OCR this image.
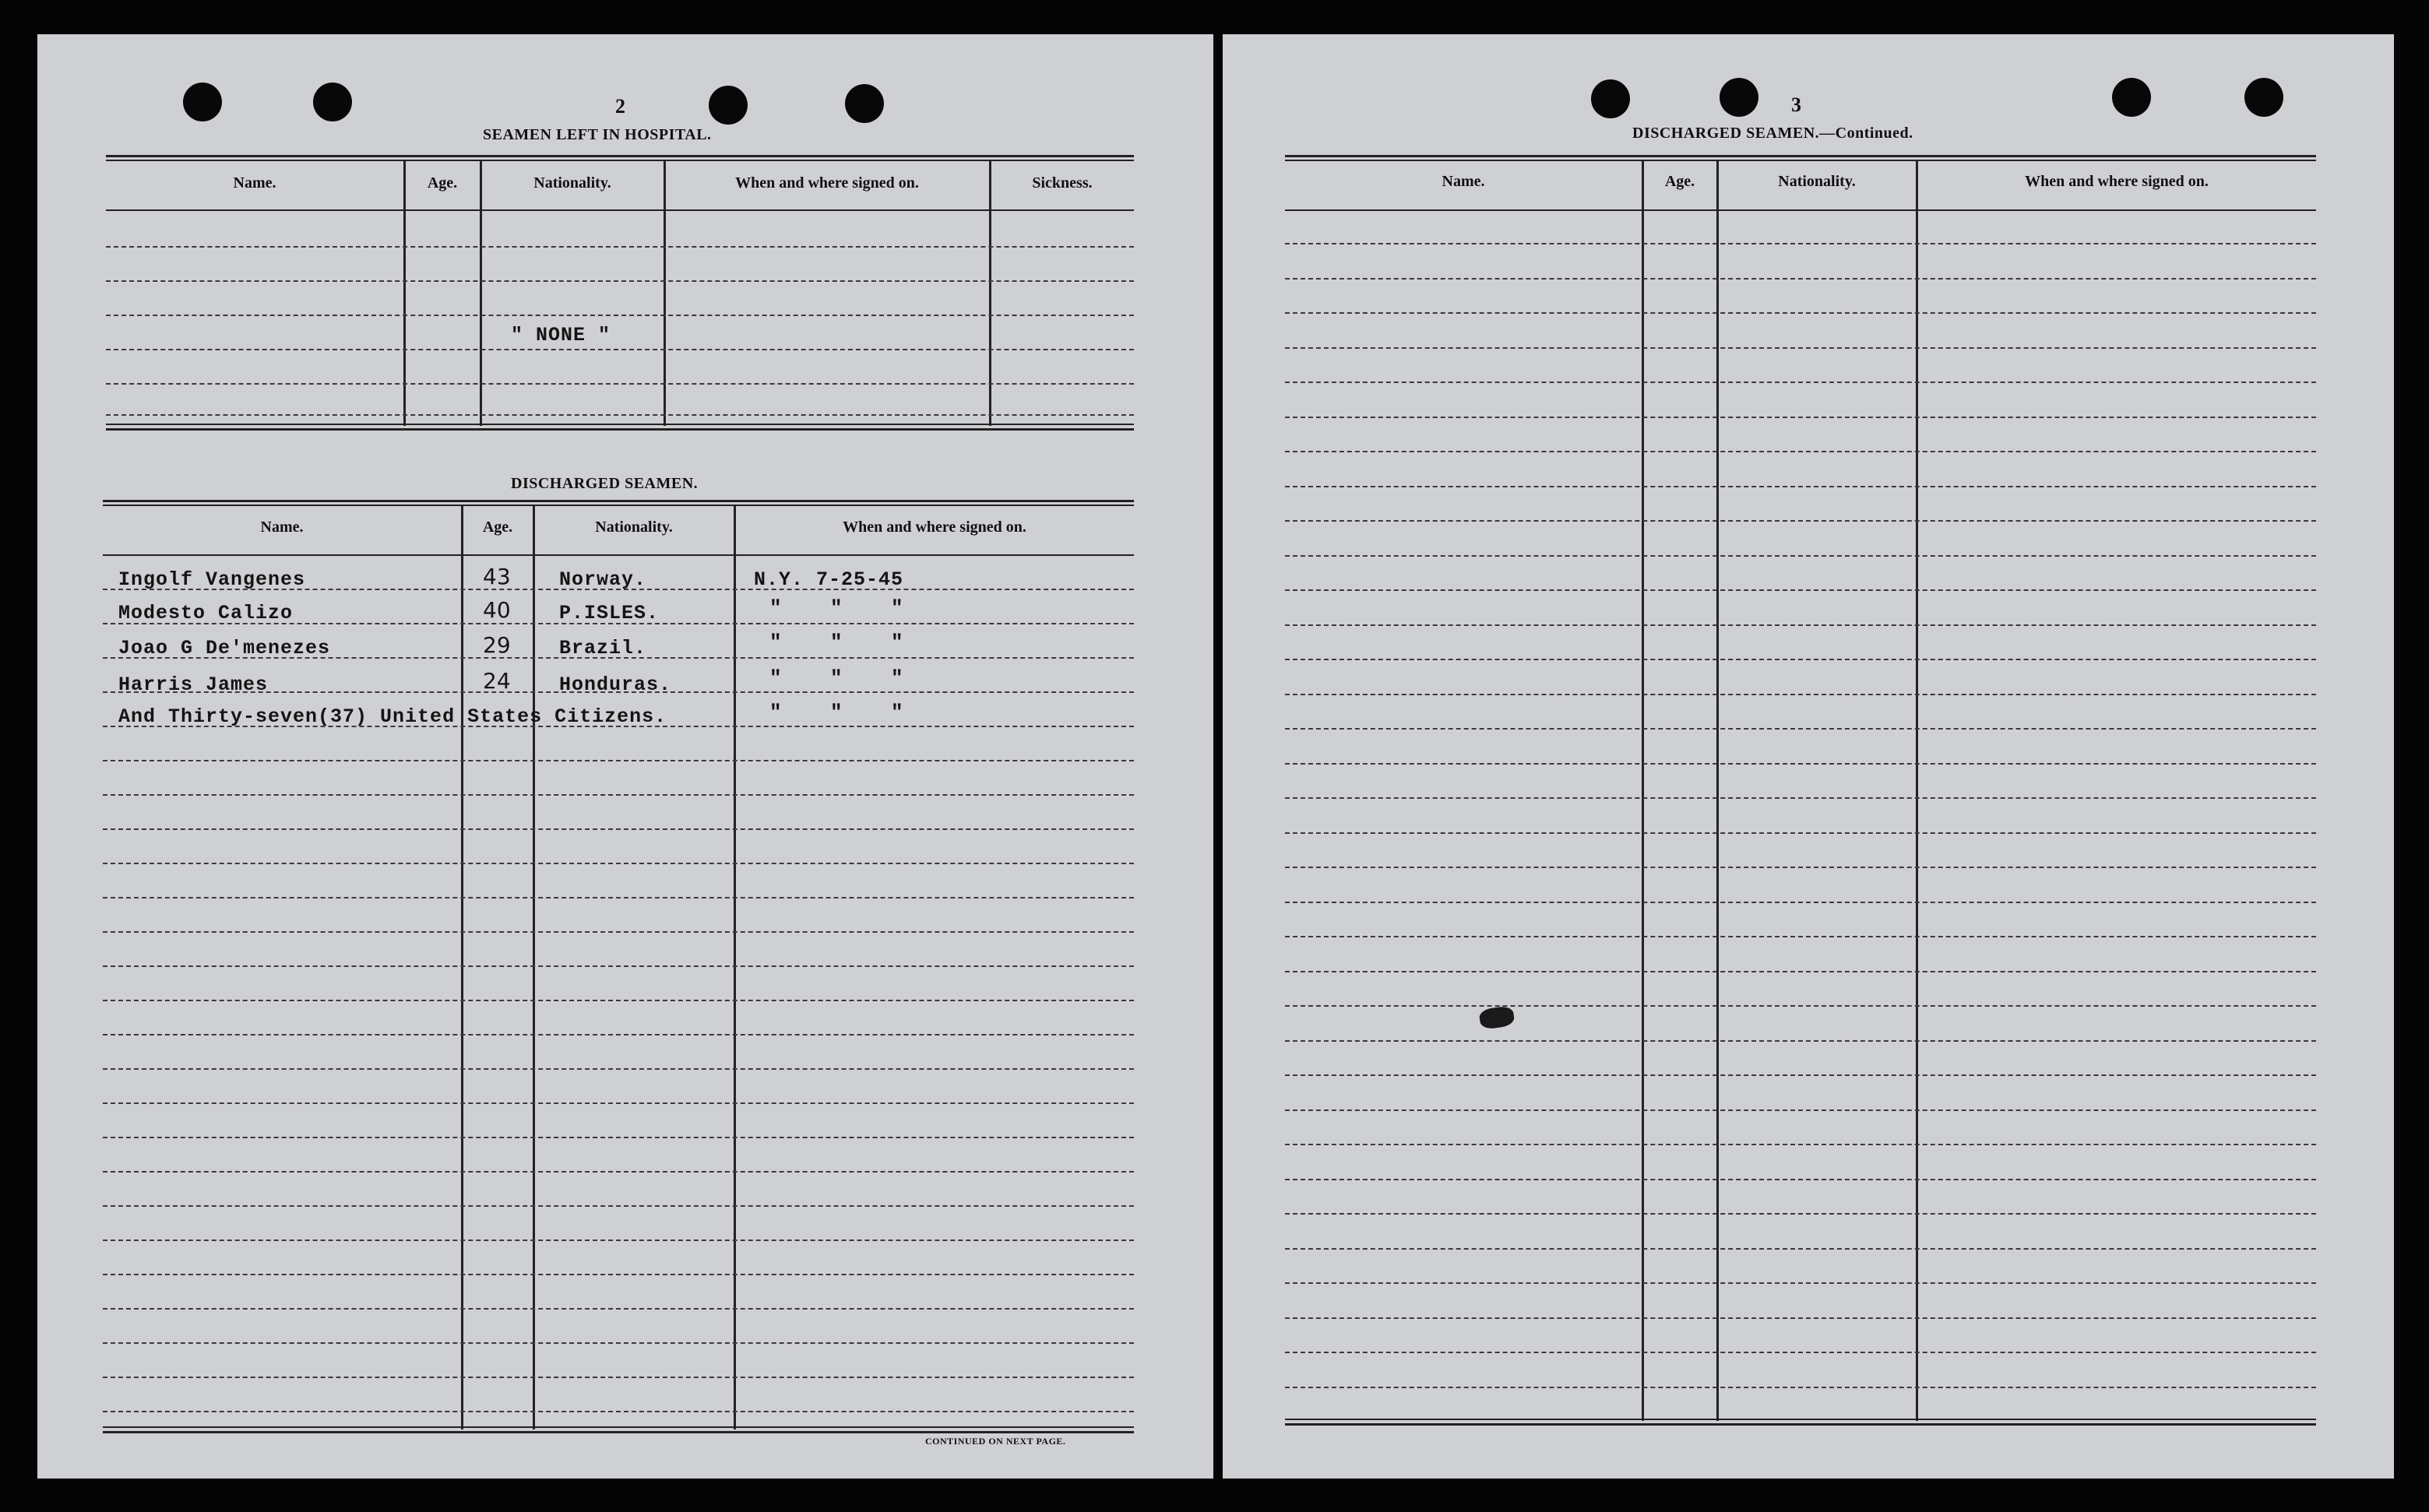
2
SEAMEN LEFT IN HOSPITAL.
Name.	Age.	Nationality.	When and where signed on.	Sickness.
" NONE "
DISCHARGED SEAMEN.
Name.	Age.	Nationality.	When and where signed on.
Ingolf Vangenes	43 Norway.	N.Y. 7-25-45
Modesto Calizo	40 P.ISLES.	"    "    "
Joao G De'menezes	29 Brazil.	"    "    "
Harris James	24 Honduras.	"    "    "
And Thirty-seven(37) United States Citizens.	"    "    "
CONTINUED ON NEXT PAGE.
3
DISCHARGED SEAMEN.—Continued.
Name.	Age.	Nationality.	When and where signed on.
